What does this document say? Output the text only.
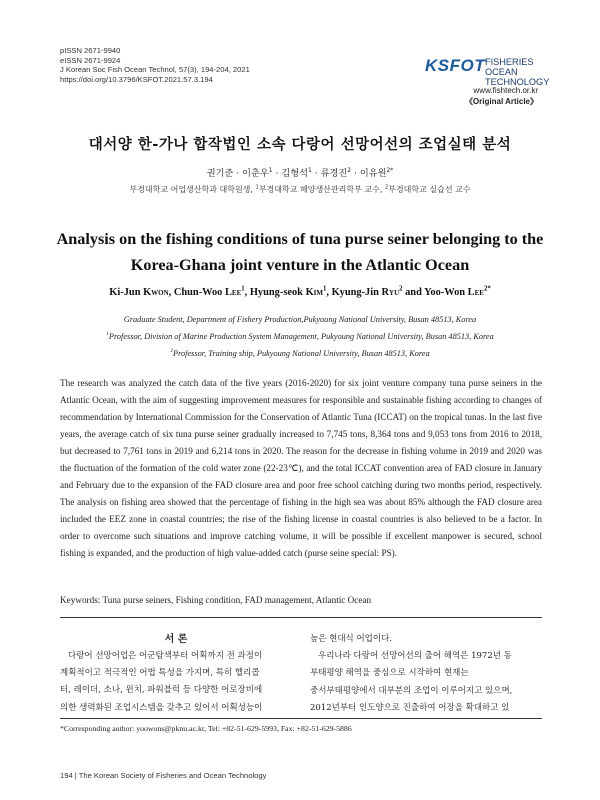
pISSN 2671-9940
eISSN 2671-9924
J Korean Soc Fish Ocean Technol, 57(3), 194-204, 2021
https://doi.org/10.3796/KSFOT.2021.57.3.194
KSFOT FISHERIES OCEAN
TECHNOLOGY
www.fishtech.or.kr
《Original Article》
대서양 한-가나 합작법인 소속 다랑어 선망어선의 조업실태 분석
권기준 · 이춘우$^1$ · 김형석$^1$ · 류경진$^2$ · 이유원$^{2*}$
부경대학교 어업생산학과 대학원생, $^1$부경대학교 해양생산관리학부 교수, $^2$부경대학교 실습선 교수
Analysis on the fishing conditions of tuna purse seiner belonging to the Korea-Ghana joint venture in the Atlantic Ocean
Ki-Jun Kwon, Chun-Woo Lee$^1$, Hyung-seok Kim$^1$, Kyung-Jin Ryu$^2$ and Yoo-Won Lee$^{2*}$
Graduate Student, Department of Fishery Production,Pukyoung National University, Busan 48513, Korea
$^1$Professor, Division of Marine Production System Management, Pukyoung National University, Busan 48513, Korea
$^2$Professor, Training ship, Pukyoung National University, Busan 48513, Korea
The research was analyzed the catch data of the five years (2016-2020) for six joint venture company tuna purse seiners in the Atlantic Ocean, with the aim of suggesting improvement measures for responsible and sustainable fishing according to changes of recommendation by International Commission for the Conservation of Atlantic Tuna (ICCAT) on the tropical tunas. In the last five years, the average catch of six tuna purse seiner gradually increased to 7,745 tons, 8,364 tons and 9,053 tons from 2016 to 2018, but decreased to 7,761 tons in 2019 and 6,214 tons in 2020. The reason for the decrease in fishing volume in 2019 and 2020 was the fluctuation of the formation of the cold water zone (22-23℃), and the total ICCAT convention area of FAD closure in January and February due to the expansion of the FAD closure area and poor free school catching during two months period, respectively. The analysis on fishing area showed that the percentage of fishing in the high sea was about 85% although the FAD closure area included the EEZ zone in coastal countries; the rise of the fishing license in coastal countries is also believed to be a factor. In order to overcome such situations and improve catching volume, it will be possible if excellent manpower is secured, school fishing is expanded, and the production of high value-added catch (purse seine special: PS).
Keywords: Tuna purse seiners, Fishing condition, FAD management, Atlantic Ocean
서 론
다랑어 선망어업은 어군탐색부터 어획까지 전 과정이
계획적이고 적극적인 어법 특성을 가지며, 특히 헬리콥
터, 레이더, 소나, 윈치, 파워블럭 등 다양한 어로장비에
의한 생력화된 조업시스템을 갖추고 있어서 어획성능이
높은 현대식 어업이다.
우리나라 다랑어 선망어선의 출어 해역은 1972년 동
부태평양 해역을 중심으로 시작하여 현재는
중서부태평양에서 대부분의 조업이 이루어지고 있으며,
2012년부터 인도양으로 진출하여 어장을 확대하고 있
*Corresponding author: yoowons@pknu.ac.kr, Tel: +82-51-629-5993, Fax: +82-51-629-5886
194 | The Korean Society of Fisheries and Ocean Technology
